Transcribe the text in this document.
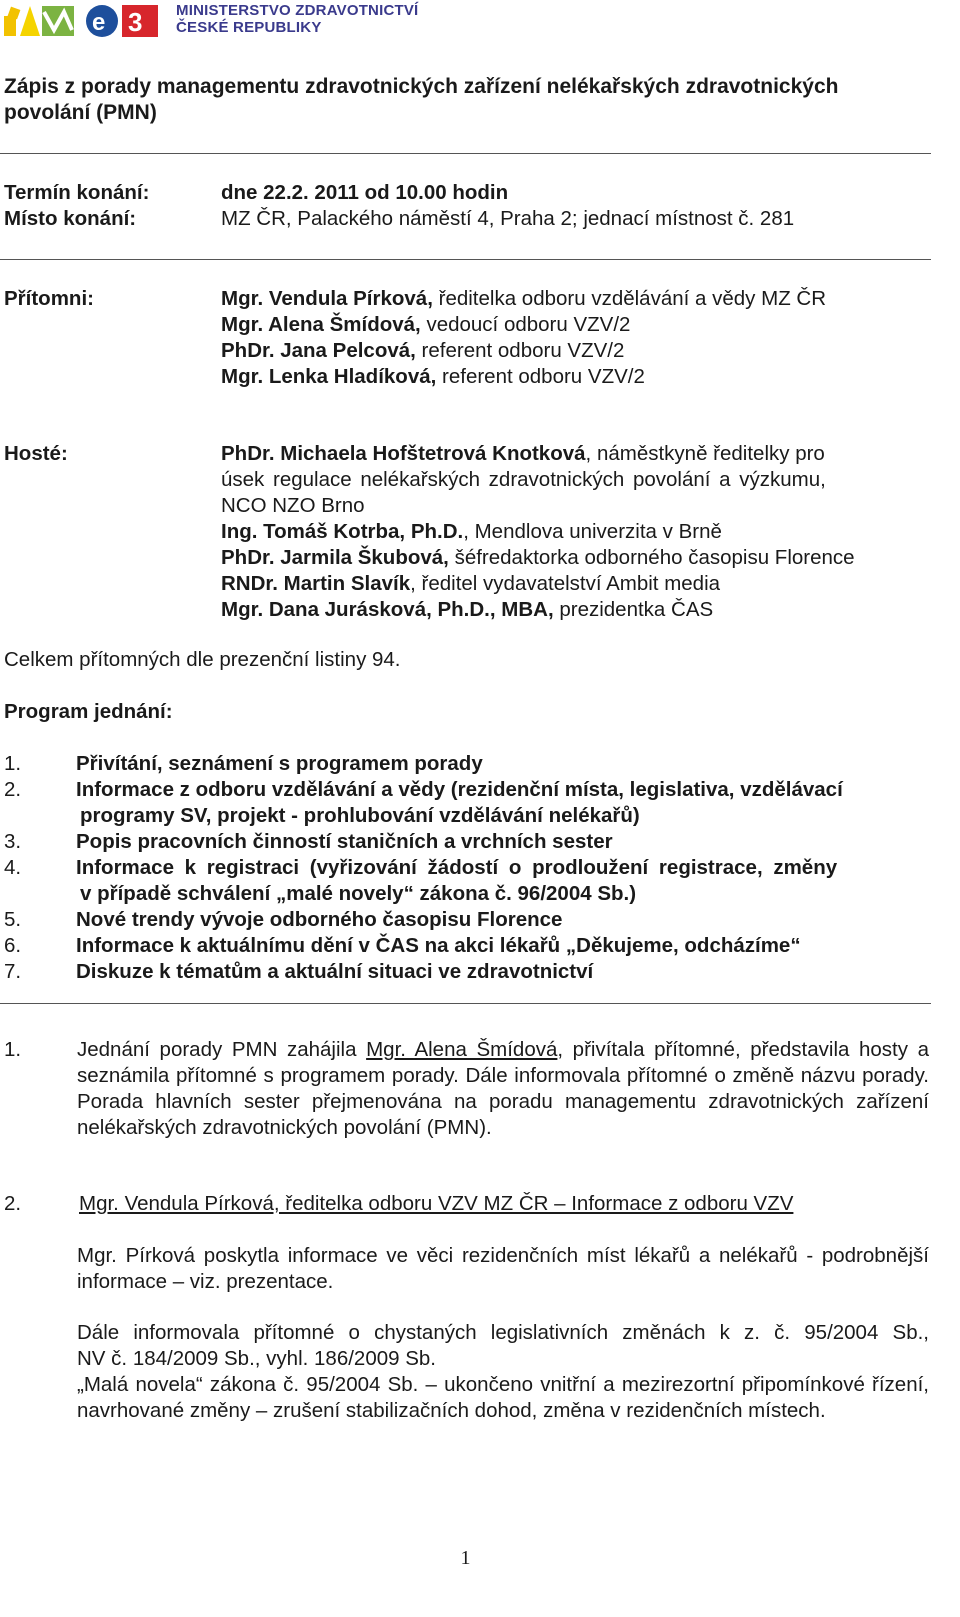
e 3 MINISTERSTVO ZDRAVOTNICTVÍ
ČESKÉ REPUBLIKY
Zápis z porady managementu zdravotnických zařízení nelékařských zdravotnických
povolání (PMN)
Termín konání:	dne 22.2. 2011 od 10.00 hodin
Místo konání:	MZ ČR, Palackého náměstí 4, Praha 2; jednací místnost č. 281
Přítomni:	Mgr. Vendula Pírková, ředitelka odboru vzdělávání a vědy MZ ČR
Mgr. Alena Šmídová, vedoucí odboru VZV/2
PhDr. Jana Pelcová, referent odboru VZV/2
Mgr. Lenka Hladíková, referent odboru VZV/2
Hosté:	PhDr. Michaela Hofštetrová Knotková, náměstkyně ředitelky pro
úsek regulace nelékařských zdravotnických povolání a výzkumu,
NCO NZO Brno
Ing. Tomáš Kotrba, Ph.D., Mendlova univerzita v Brně
PhDr. Jarmila Škubová, šéfredaktorka odborného časopisu Florence
RNDr. Martin Slavík, ředitel vydavatelství Ambit media
Mgr. Dana Jurásková, Ph.D., MBA, prezidentka ČAS
Celkem přítomných dle prezenční listiny 94.
Program jednání:
1.	Přivítání, seznámení s programem porady
2.	Informace z odboru vzdělávání a vědy (rezidenční místa, legislativa, vzdělávací
programy SV, projekt - prohlubování vzdělávání nelékařů)
3.	Popis pracovních činností staničních a vrchních sester
4.	Informace k registraci (vyřizování žádostí o prodloužení registrace, změny
v případě schválení „malé novely“ zákona č. 96/2004 Sb.)
5.	Nové trendy vývoje odborného časopisu Florence
6.	Informace k aktuálnímu dění v ČAS na akci lékařů „Děkujeme, odcházíme“
7.	Diskuze k tématům a aktuální situaci ve zdravotnictví
1.	Jednání porady PMN zahájila Mgr. Alena Šmídová, přivítala přítomné, představila hosty a seznámila přítomné s programem porady. Dále informovala přítomné o změně názvu porady. Porada hlavních sester přejmenována na poradu managementu zdravotnických zařízení nelékařských zdravotnických povolání (PMN).
2.	Mgr. Vendula Pírková, ředitelka odboru VZV MZ ČR – Informace z odboru VZV
Mgr. Pírková poskytla informace ve věci rezidenčních míst lékařů a nelékařů - podrobnější informace – viz. prezentace.
Dále informovala přítomné o chystaných legislativních změnách k z. č. 95/2004 Sb.,
NV č. 184/2009 Sb., vyhl. 186/2009 Sb.
„Malá novela“ zákona č. 95/2004 Sb. – ukončeno vnitřní a mezirezortní připomínkové řízení, navrhované změny – zrušení stabilizačních dohod, změna v rezidenčních místech.
1
